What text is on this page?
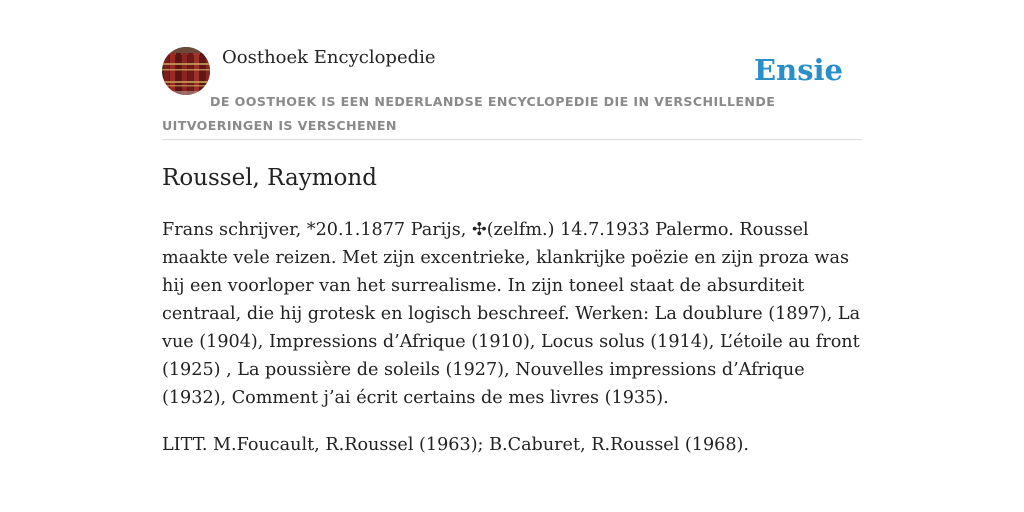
Oosthoek Encyclopedie	Ensie
DE OOSTHOEK IS EEN NEDERLANDSE ENCYCLOPEDIE DIE IN VERSCHILLENDE UITVOERINGEN IS VERSCHENEN
Roussel, Raymond

Frans schrijver, *20.1.1877 Parijs, ✣(zelfm.) 14.7.1933 Palermo. Roussel maakte vele reizen. Met zijn excentrieke, klankrijke poëzie en zijn proza was hij een voorloper van het surrealisme. In zijn toneel staat de absurditeit centraal, die hij grotesk en logisch beschreef. Werken: La doublure (1897), La vue (1904), Impressions d’Afrique (1910), Locus solus (1914), L’étoile au front (1925) , La poussière de soleils (1927), Nouvelles impressions d’Afrique (1932), Comment j’ai écrit certains de mes livres (1935).

LITT. M.Foucault, R.Roussel (1963); B.Caburet, R.Roussel (1968).
